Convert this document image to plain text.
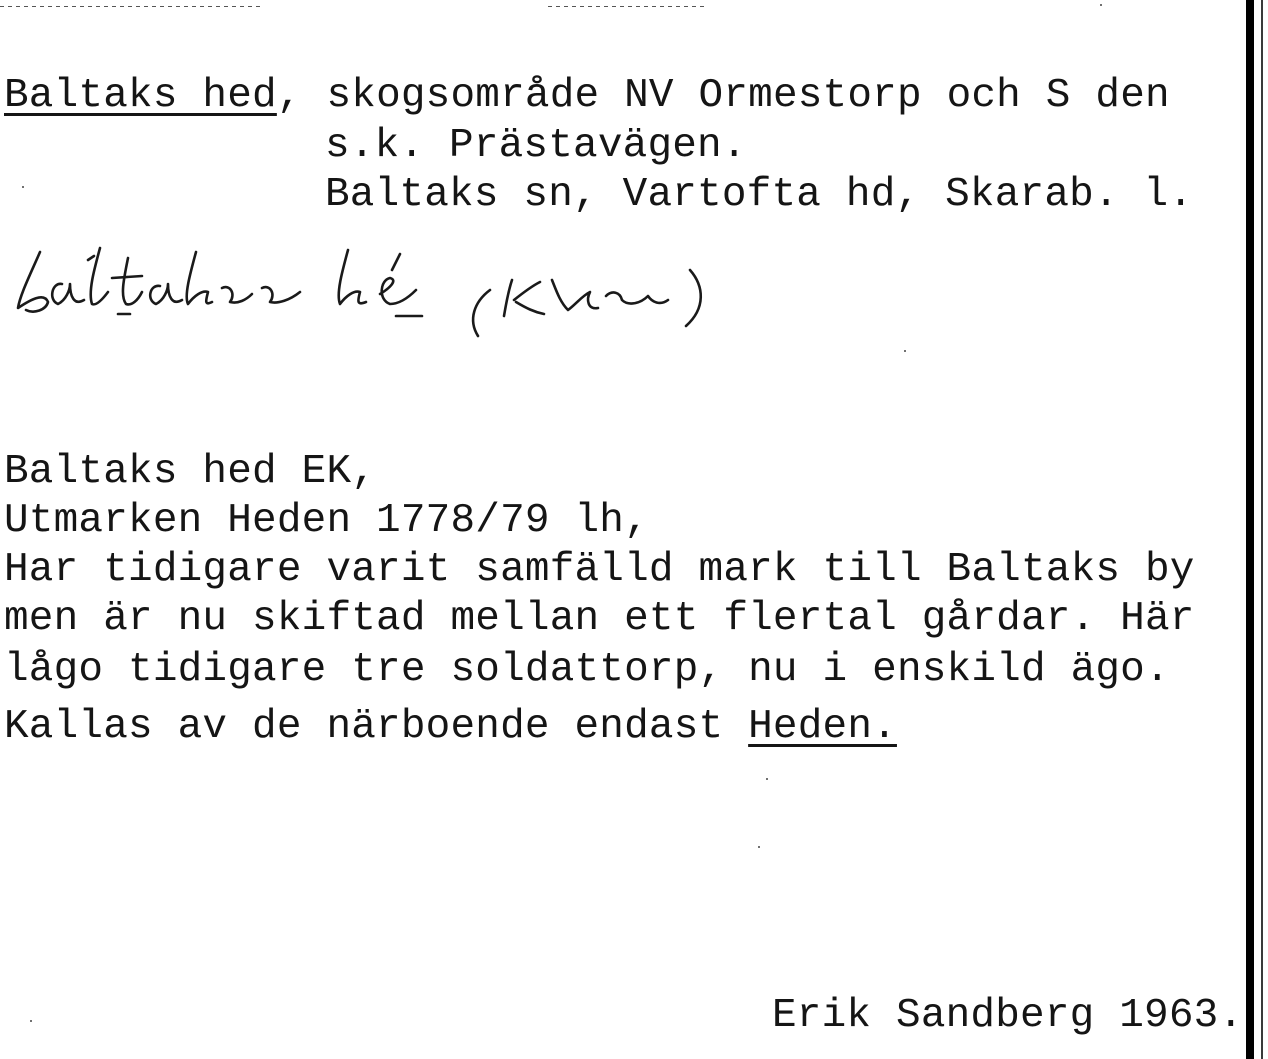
Baltaks hed, skogsområde NV Ormestorp och S den
s.k. Prästavägen.
Baltaks sn, Vartofta hd, Skarab. l.
Baltaks hed EK,
Utmarken Heden 1778/79 lh,
Har tidigare varit samfälld mark till Baltaks by
men är nu skiftad mellan ett flertal gårdar. Här
lågo tidigare tre soldattorp, nu i enskild ägo.
Kallas av de närboende endast Heden.
Erik Sandberg 1963.
